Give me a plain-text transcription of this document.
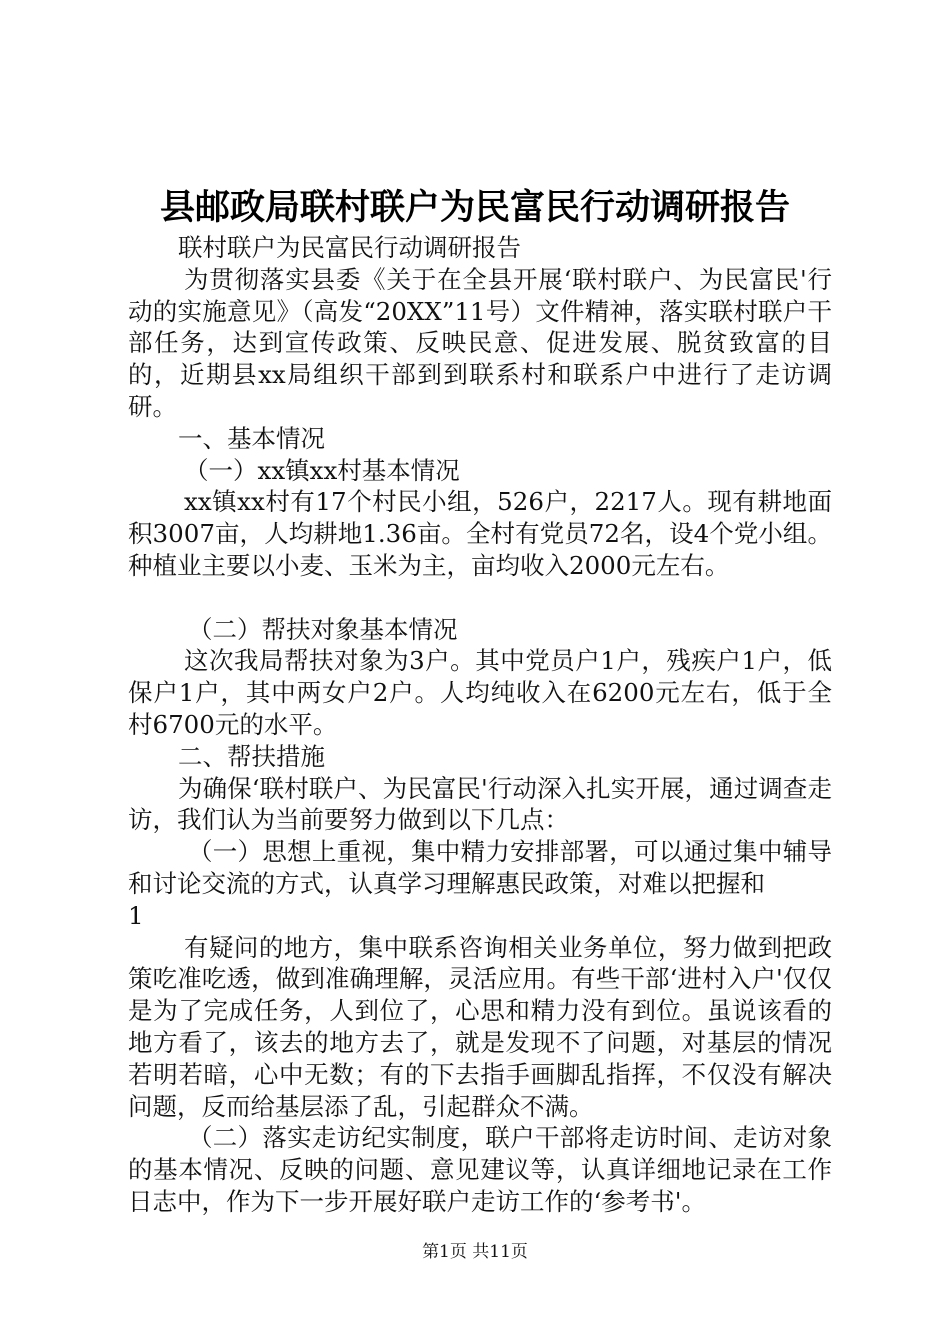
县邮政局联村联户为民富民行动调研报告

联村联户为民富民行动调研报告

为贯彻落实县委《关于在全县开展‘联村联户、为民富民'行动的实施意见》（高发“20XX”11号）文件精神，落实联村联户干部任务，达到宣传政策、反映民意、促进发展、脱贫致富的目的，近期县xx局组织干部到到联系村和联系户中进行了走访调研。

一、基本情况

（一）xx镇xx村基本情况

xx镇xx村有17个村民小组，526户，2217人。现有耕地面积3007亩，人均耕地1.36亩。全村有党员72名，设4个党小组。种植业主要以小麦、玉米为主，亩均收入2000元左右。

（二）帮扶对象基本情况

这次我局帮扶对象为3户。其中党员户1户，残疾户1户，低保户1户，其中两女户2户。人均纯收入在6200元左右，低于全村6700元的水平。

二、帮扶措施

为确保‘联村联户、为民富民'行动深入扎实开展，通过调查走访，我们认为当前要努力做到以下几点：

（一）思想上重视，集中精力安排部署，可以通过集中辅导和讨论交流的方式，认真学习理解惠民政策，对难以把握和

1

有疑问的地方，集中联系咨询相关业务单位，努力做到把政策吃准吃透，做到准确理解，灵活应用。有些干部‘进村入户'仅仅是为了完成任务，人到位了，心思和精力没有到位。虽说该看的地方看了，该去的地方去了，就是发现不了问题，对基层的情况若明若暗，心中无数；有的下去指手画脚乱指挥，不仅没有解决问题，反而给基层添了乱，引起群众不满。

（二）落实走访纪实制度，联户干部将走访时间、走访对象的基本情况、反映的问题、意见建议等，认真详细地记录在工作日志中，作为下一步开展好联户走访工作的‘参考书'。

第1页 共11页
